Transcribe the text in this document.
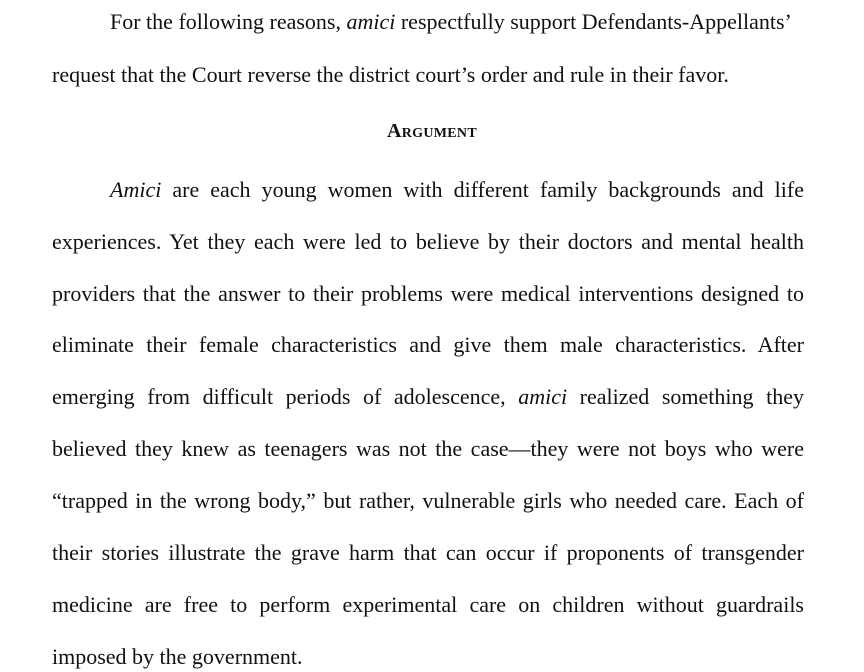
For the following reasons, amici respectfully support Defendants-Appellants’
request that the Court reverse the district court’s order and rule in their favor.
Argument
Amici are each young women with different family backgrounds and life
experiences. Yet they each were led to believe by their doctors and mental health
providers that the answer to their problems were medical interventions designed to
eliminate their female characteristics and give them male characteristics. After
emerging from difficult periods of adolescence, amici realized something they
believed they knew as teenagers was not the case—they were not boys who were
“trapped in the wrong body,” but rather, vulnerable girls who needed care. Each of
their stories illustrate the grave harm that can occur if proponents of transgender
medicine are free to perform experimental care on children without guardrails
imposed by the government.
